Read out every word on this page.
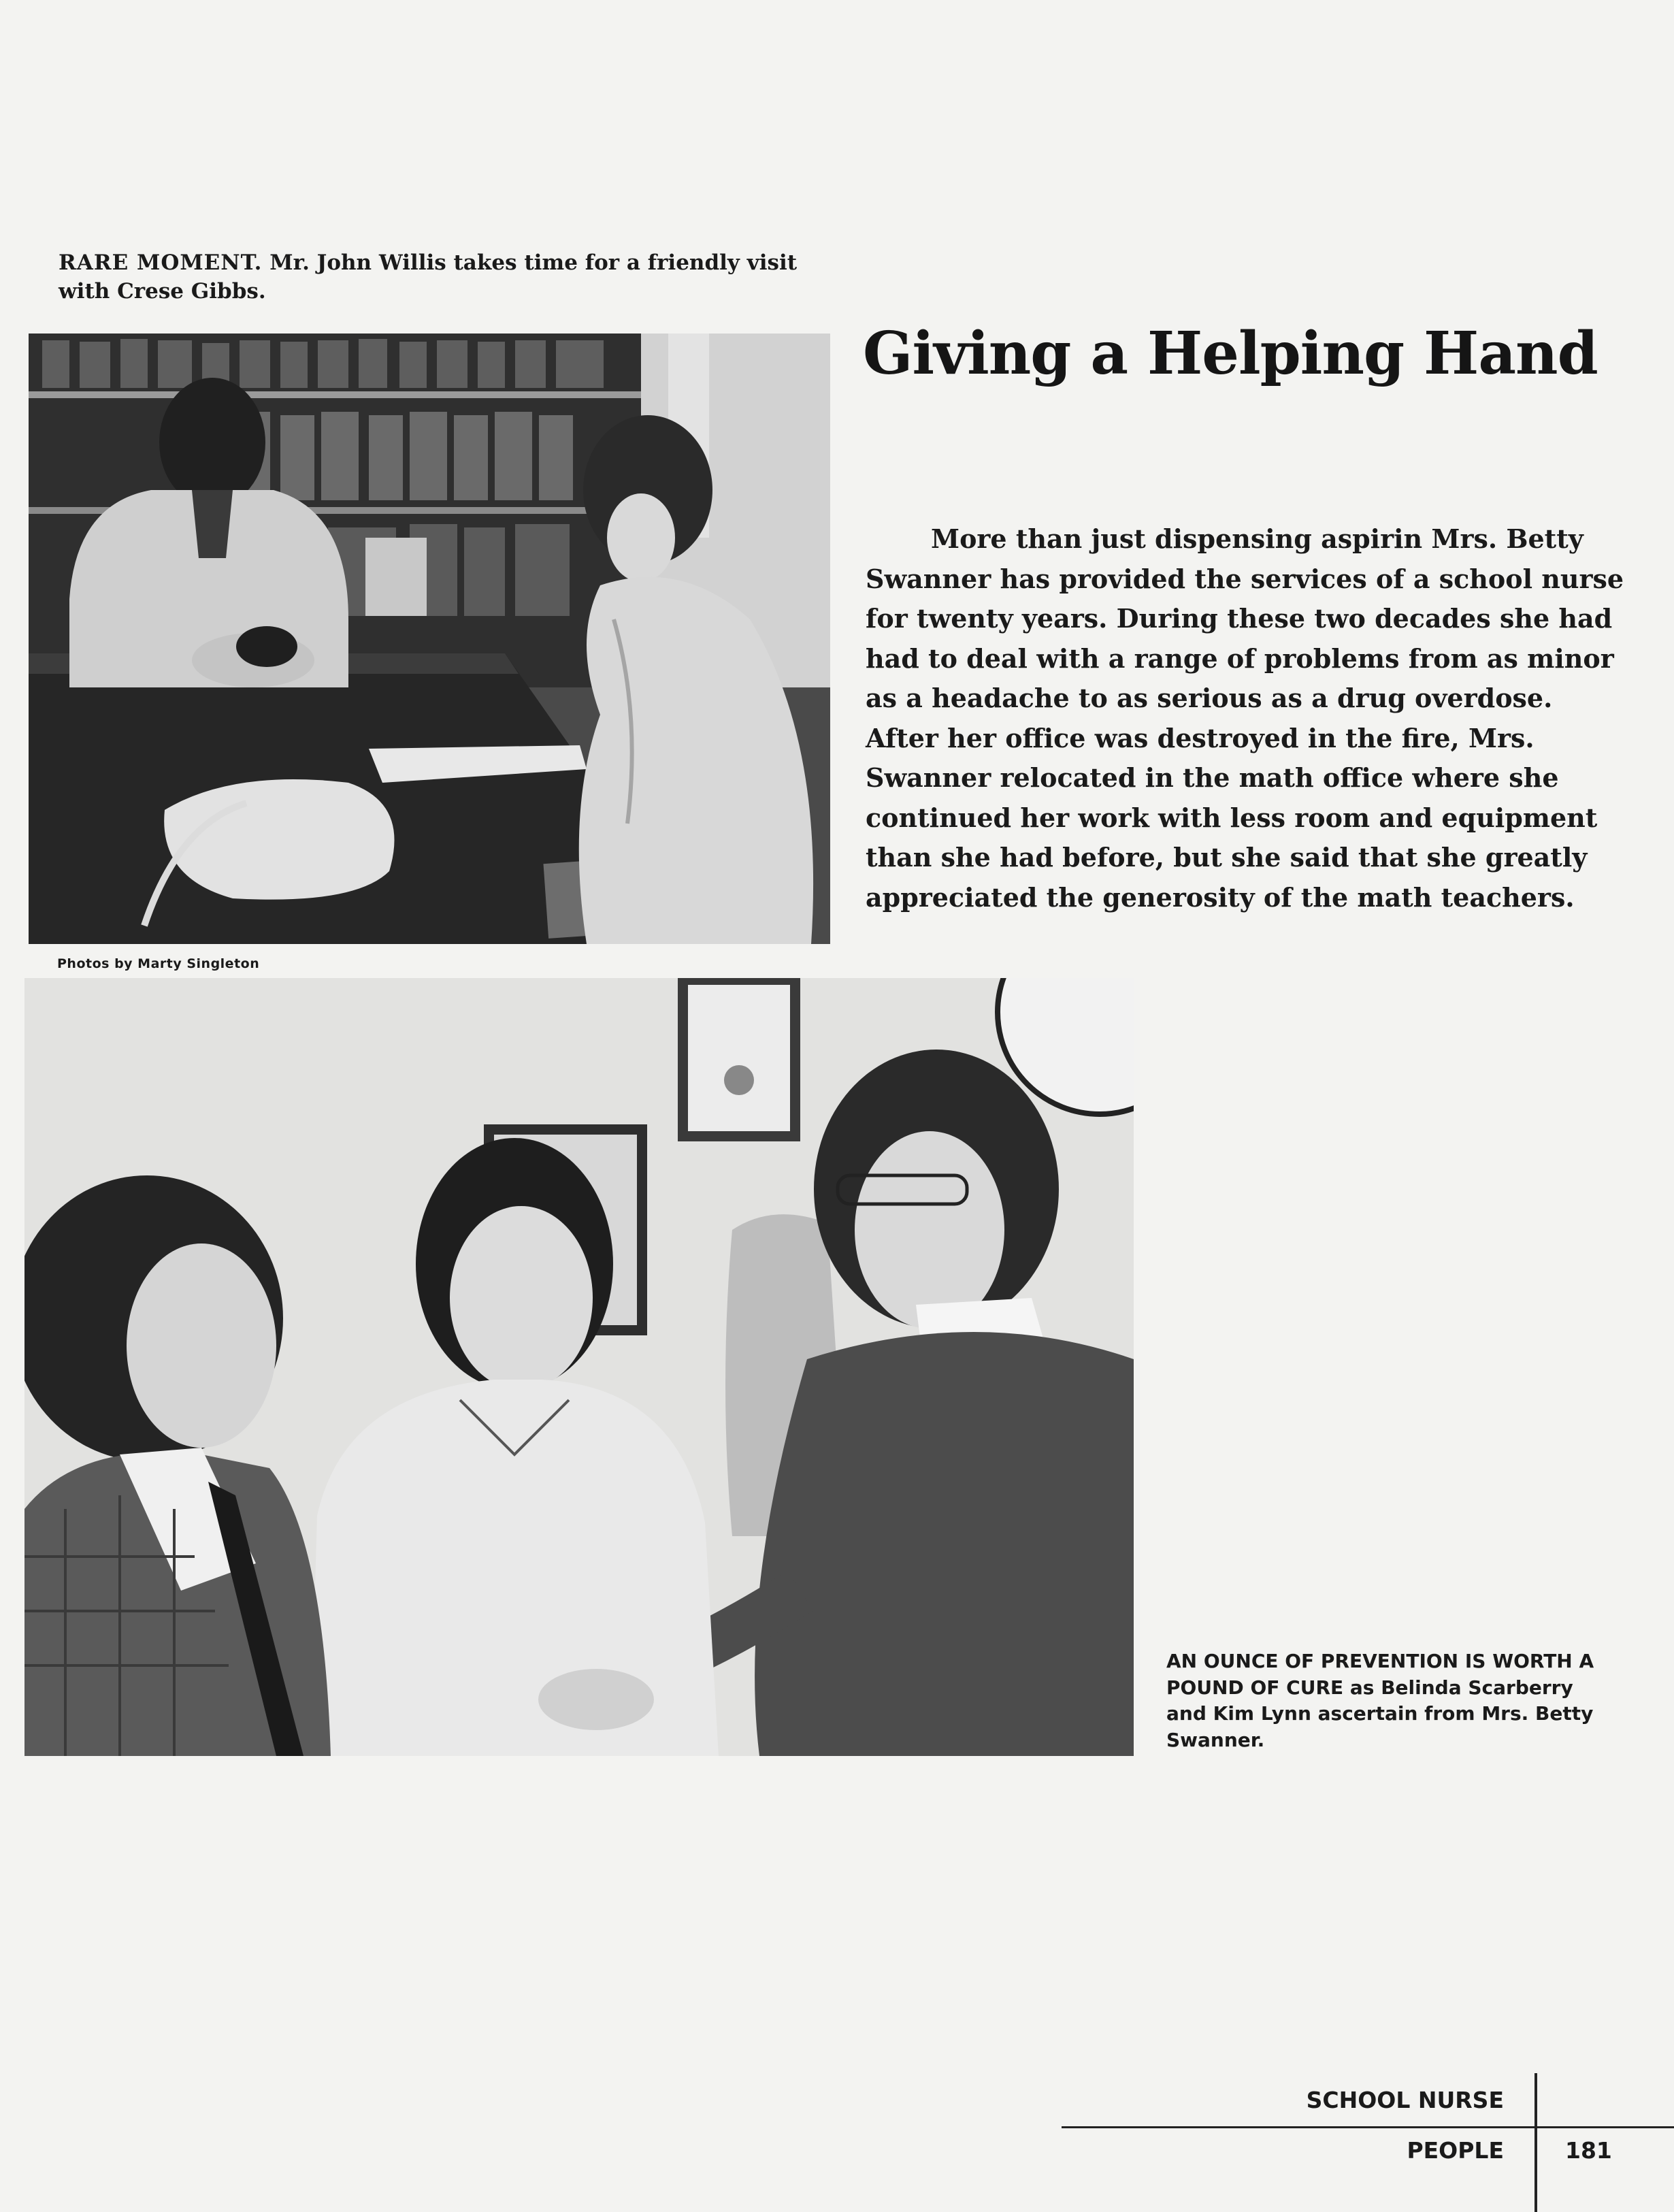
RARE MOMENT. Mr. John Willis takes time for a friendly visit with Crese Gibbs.
Photos by Marty Singleton
Giving a Helping Hand
More than just dispensing aspirin Mrs. Betty Swanner has provided the services of a school nurse for twenty years. During these two decades she had had to deal with a range of problems from as minor as a headache to as serious as a drug overdose. After her office was destroyed in the fire, Mrs. Swanner relocated in the math office where she continued her work with less room and equipment than she had before, but she said that she greatly appreciated the generosity of the math teachers.
AN OUNCE OF PREVENTION IS WORTH A POUND OF CURE as Belinda Scarberry and Kim Lynn ascertain from Mrs. Betty Swanner.
SCHOOL NURSE
PEOPLE	181
